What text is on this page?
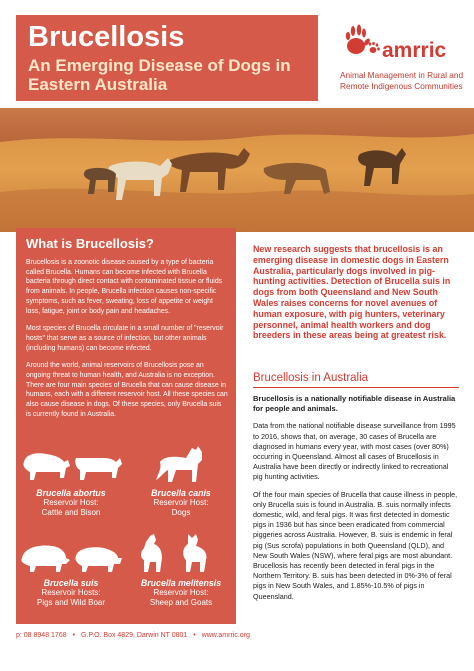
Brucellosis
An Emerging Disease of Dogs in Eastern Australia
amrric
Animal Management in Rural and
Remote Indigenous Communities
What is Brucellosis?

Brucellosis is a zoonotic disease caused by a type of bacteria called Brucella. Humans can become infected with Brucella bacteria through direct contact with contaminated tissue or fluids from animals. In people, Brucella infection causes non-specific symptoms, such as fever, sweating, loss of appetite or weight loss, fatigue, joint or body pain and headaches.

Most species of Brucella circulate in a small number of "reservoir hosts" that serve as a source of infection, but other animals (including humans) can become infected.

Around the world, animal reservoirs of Brucellosis pose an ongoing threat to human health, and Australia is no exception. There are four main species of Brucella that can cause disease in humans, each with a different reservoir host. All these species can also cause disease in dogs. Of these species, only Brucella suis is currently found in Australia.

Brucella abortus
Reservoir Host:
Cattle and Bison
Brucella canis
Reservoir Host:
Dogs
Brucella suis
Reservoir Hosts:
Pigs and Wild Boar
Brucella melitensis
Reservoir Host:
Sheep and Goats
New research suggests that brucellosis is an emerging disease in domestic dogs in Eastern Australia, particularly dogs involved in pig-hunting activities. Detection of Brucella suis in dogs from both Queensland and New South Wales raises concerns for novel avenues of human exposure, with pig hunters, veterinary personnel, animal health workers and dog breeders in these areas being at greatest risk.
Brucellosis in Australia

Brucellosis is a nationally notifiable disease in Australia for people and animals.

Data from the national notifiable disease surveillance from 1995 to 2016, shows that, on average, 30 cases of Brucella are diagnosed in humans every year, with most cases (over 80%) occurring in Queensland. Almost all cases of Brucellosis in Australia have been directly or indirectly linked to recreational pig hunting activities.

Of the four main species of Brucella that cause illness in people, only Brucella suis is found in Australia. B. suis normally infects domestic, wild, and feral pigs. It was first detected in domestic pigs in 1936 but has since been eradicated from commercial piggeries across Australia. However, B. suis is endemic in feral pig (Sus scrofa) populations in both Queensland (QLD), and New South Wales (NSW), where feral pigs are most abundant. Brucellosis has recently been detected in feral pigs in the Northern Territory. B. suis has been detected in 0%-3% of feral pigs in New South Wales, and 1.85%-10.5% of pigs in Queensland.

p: 08 8948 1768 • G.P.O. Box 4829, Darwin NT 0801 • www.amrric.org
